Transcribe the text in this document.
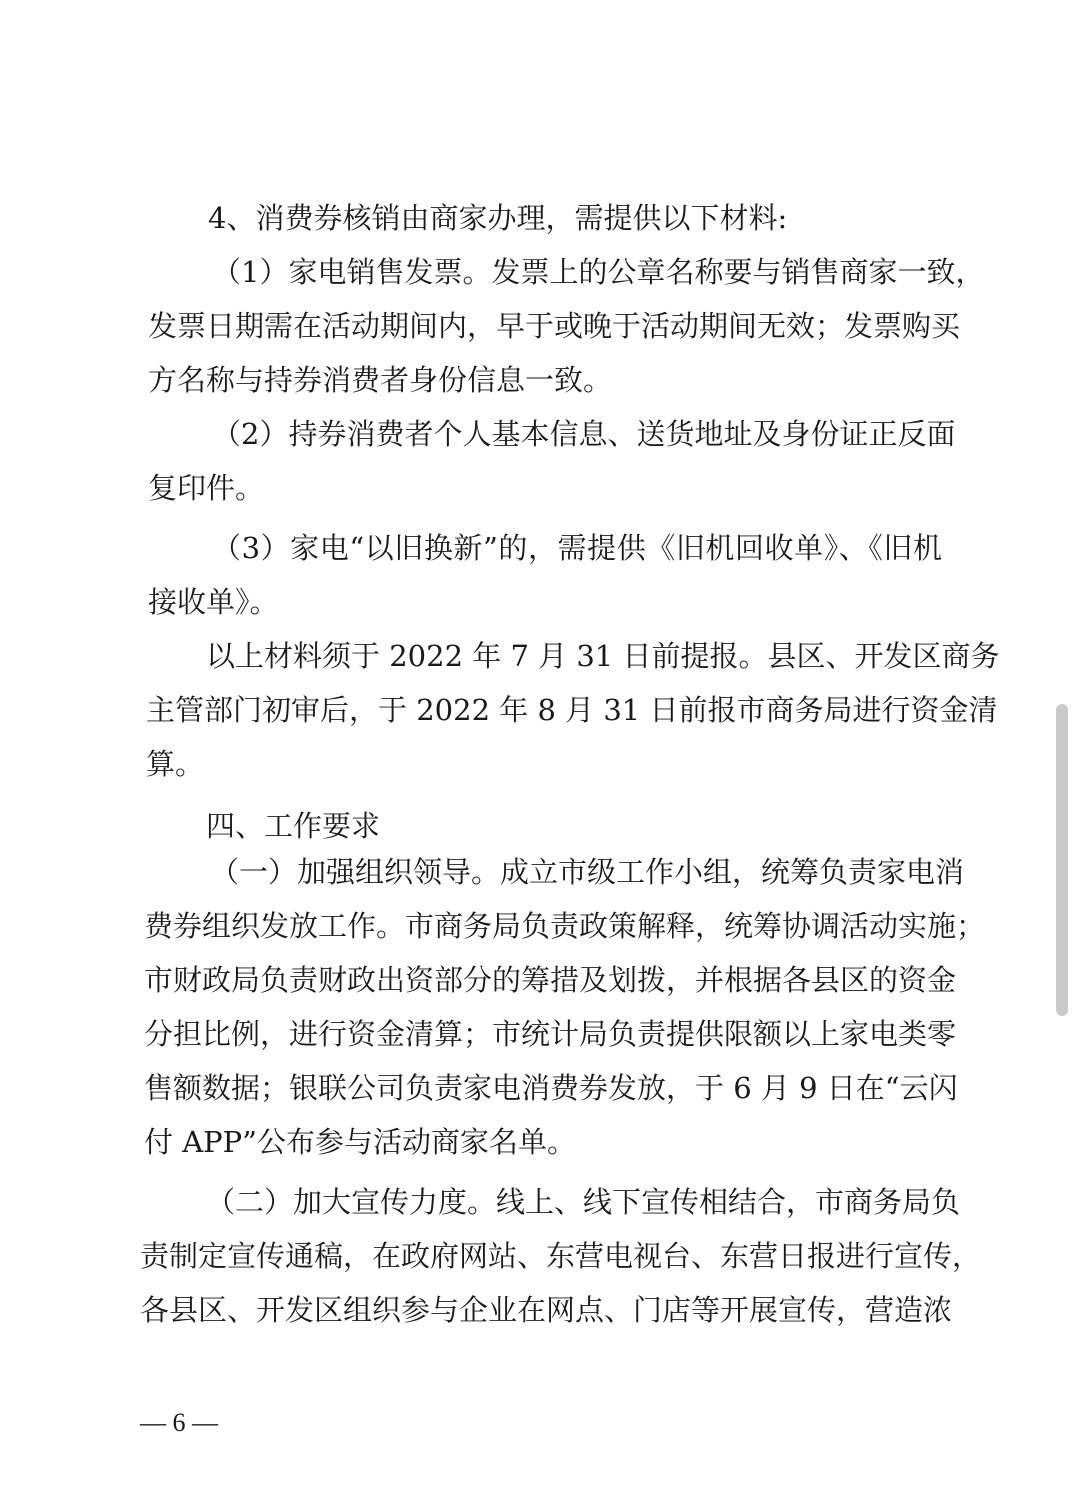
4、消费券核销由商家办理，需提供以下材料:
（1）家电销售发票。发票上的公章名称要与销售商家一致，
发票日期需在活动期间内，早于或晚于活动期间无效；发票购买
方名称与持券消费者身份信息一致。
（2）持券消费者个人基本信息、送货地址及身份证正反面
复印件。
（3）家电“以旧换新”的，需提供《旧机回收单》、《旧机
接收单》。
以上材料须于 2022 年 7 月 31 日前提报。县区、开发区商务
主管部门初审后，于 2022 年 8 月 31 日前报市商务局进行资金清
算。
四、工作要求
（一）加强组织领导。成立市级工作小组，统筹负责家电消
费券组织发放工作。市商务局负责政策解释，统筹协调活动实施；
市财政局负责财政出资部分的筹措及划拨，并根据各县区的资金
分担比例，进行资金清算；市统计局负责提供限额以上家电类零
售额数据；银联公司负责家电消费券发放，于 6 月 9 日在“云闪
付 APP”公布参与活动商家名单。
（二）加大宣传力度。线上、线下宣传相结合，市商务局负
责制定宣传通稿，在政府网站、东营电视台、东营日报进行宣传，
各县区、开发区组织参与企业在网点、门店等开展宣传，营造浓
— 6 —
